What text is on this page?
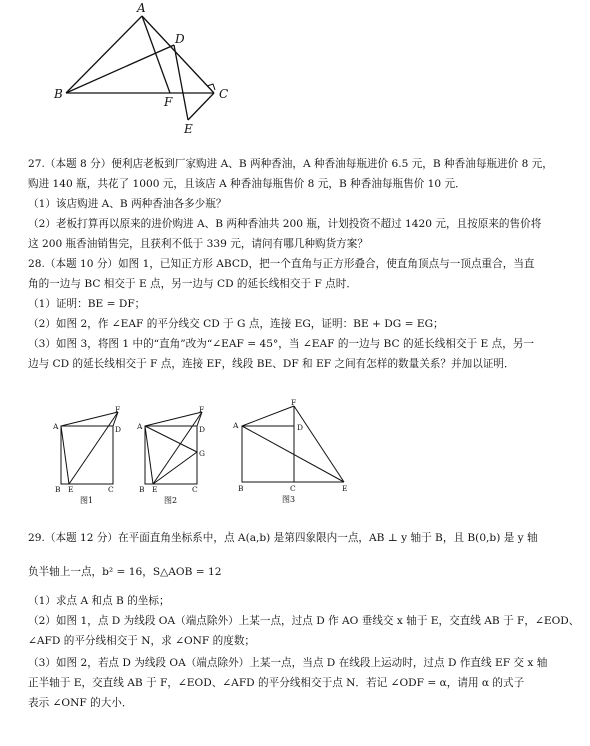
A
D
B
F
C
E
27.（本题 8 分）便利店老板到厂家购进 A、B 两种香油，A 种香油每瓶进价 6.5 元，B 种香油每瓶进价 8 元，
购进 140 瓶，共花了 1000 元，且该店 A 种香油每瓶售价 8 元，B 种香油每瓶售价 10 元．
（1）该店购进 A、B 两种香油各多少瓶？
（2）老板打算再以原来的进价购进 A、B 两种香油共 200 瓶，计划投资不超过 1420 元，且按原来的售价将
这 200 瓶香油销售完，且获利不低于 339 元，请问有哪几种购货方案？
28.（本题 10 分）如图 1，已知正方形 ABCD，把一个直角与正方形叠合，使直角顶点与一顶点重合，当直
角的一边与 BC 相交于 E 点，另一边与 CD 的延长线相交于 F 点时．
（1）证明：BE = DF；
（2）如图 2，作 ∠EAF 的平分线交 CD 于 G 点，连接 EG，证明：BE + DG = EG；
（3）如图 3，将图 1 中的“直角”改为“∠EAF = 45°，当 ∠EAF 的一边与 BC 的延长线相交于 E 点，另一
边与 CD 的延长线相交于 F 点，连接 EF，线段 BE、DF 和 EF 之间有怎样的数量关系？并加以证明．
F
A	D
B E	C
图1
F
A	D
G
B E	C
图2
F
A	D
B	C	E
图3
29.（本题 12 分）在平面直角坐标系中，点 A(a,b) 是第四象限内一点，AB ⊥ y 轴于 B，且 B(0,b) 是 y 轴
负半轴上一点，b² = 16，S△AOB = 12
（1）求点 A 和点 B 的坐标；
（2）如图 1，点 D 为线段 OA（端点除外）上某一点，过点 D 作 AO 垂线交 x 轴于 E，交直线 AB 于 F，∠EOD、
∠AFD 的平分线相交于 N，求 ∠ONF 的度数；
（3）如图 2，若点 D 为线段 OA（端点除外）上某一点，当点 D 在线段上运动时，过点 D 作直线 EF 交 x 轴
正半轴于 E，交直线 AB 于 F，∠EOD、∠AFD 的平分线相交于点 N．若记 ∠ODF = α，请用 α 的式子
表示 ∠ONF 的大小．
